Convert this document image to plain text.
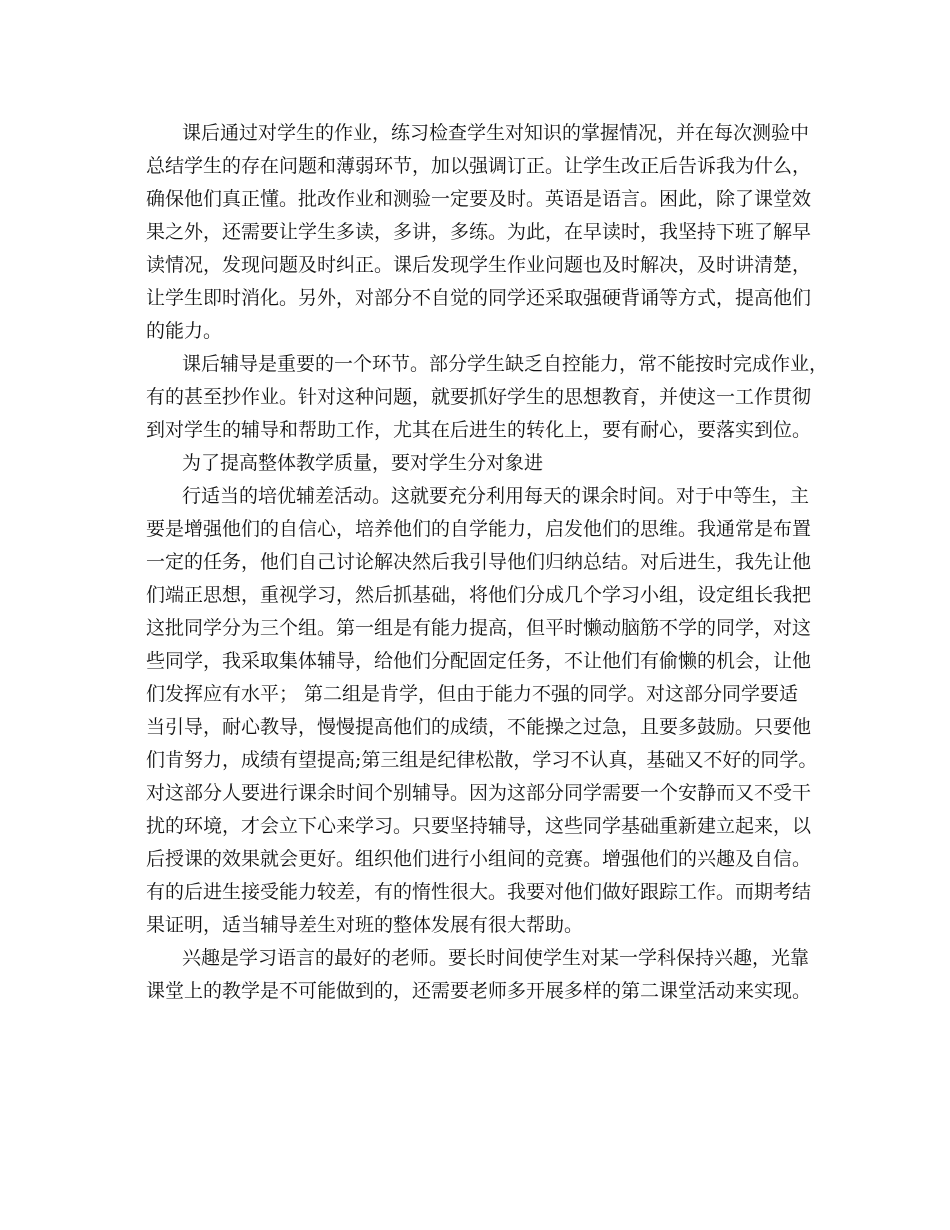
课后通过对学生的作业，练习检查学生对知识的掌握情况，并在每次测验中
总结学生的存在问题和薄弱环节，加以强调订正。让学生改正后告诉我为什么，
确保他们真正懂。批改作业和测验一定要及时。英语是语言。困此，除了课堂效
果之外，还需要让学生多读，多讲，多练。为此，在早读时，我坚持下班了解早
读情况，发现问题及时纠正。课后发现学生作业问题也及时解决，及时讲清楚，
让学生即时消化。另外，对部分不自觉的同学还采取强硬背诵等方式，提高他们
的能力。
课后辅导是重要的一个环节。部分学生缺乏自控能力，常不能按时完成作业，
有的甚至抄作业。针对这种问题，就要抓好学生的思想教育，并使这一工作贯彻
到对学生的辅导和帮助工作，尤其在后进生的转化上，要有耐心，要落实到位。
为了提高整体教学质量，要对学生分对象进
行适当的培优辅差活动。这就要充分利用每天的课余时间。对于中等生，主
要是增强他们的自信心，培养他们的自学能力，启发他们的思维。我通常是布置
一定的任务，他们自己讨论解决然后我引导他们归纳总结。对后进生，我先让他
们端正思想，重视学习，然后抓基础，将他们分成几个学习小组，设定组长我把
这批同学分为三个组。第一组是有能力提高，但平时懒动脑筋不学的同学，对这
些同学，我采取集体辅导，给他们分配固定任务，不让他们有偷懒的机会，让他
们发挥应有水平； 第二组是肯学，但由于能力不强的同学。对这部分同学要适
当引导，耐心教导，慢慢提高他们的成绩，不能操之过急，且要多鼓励。只要他
们肯努力，成绩有望提高;第三组是纪律松散，学习不认真，基础又不好的同学。
对这部分人要进行课余时间个别辅导。因为这部分同学需要一个安静而又不受干
扰的环境，才会立下心来学习。只要坚持辅导，这些同学基础重新建立起来，以
后授课的效果就会更好。组织他们进行小组间的竞赛。增强他们的兴趣及自信。
有的后进生接受能力较差，有的惰性很大。我要对他们做好跟踪工作。而期考结
果证明，适当辅导差生对班的整体发展有很大帮助。
兴趣是学习语言的最好的老师。要长时间使学生对某一学科保持兴趣，光靠
课堂上的教学是不可能做到的，还需要老师多开展多样的第二课堂活动来实现。
